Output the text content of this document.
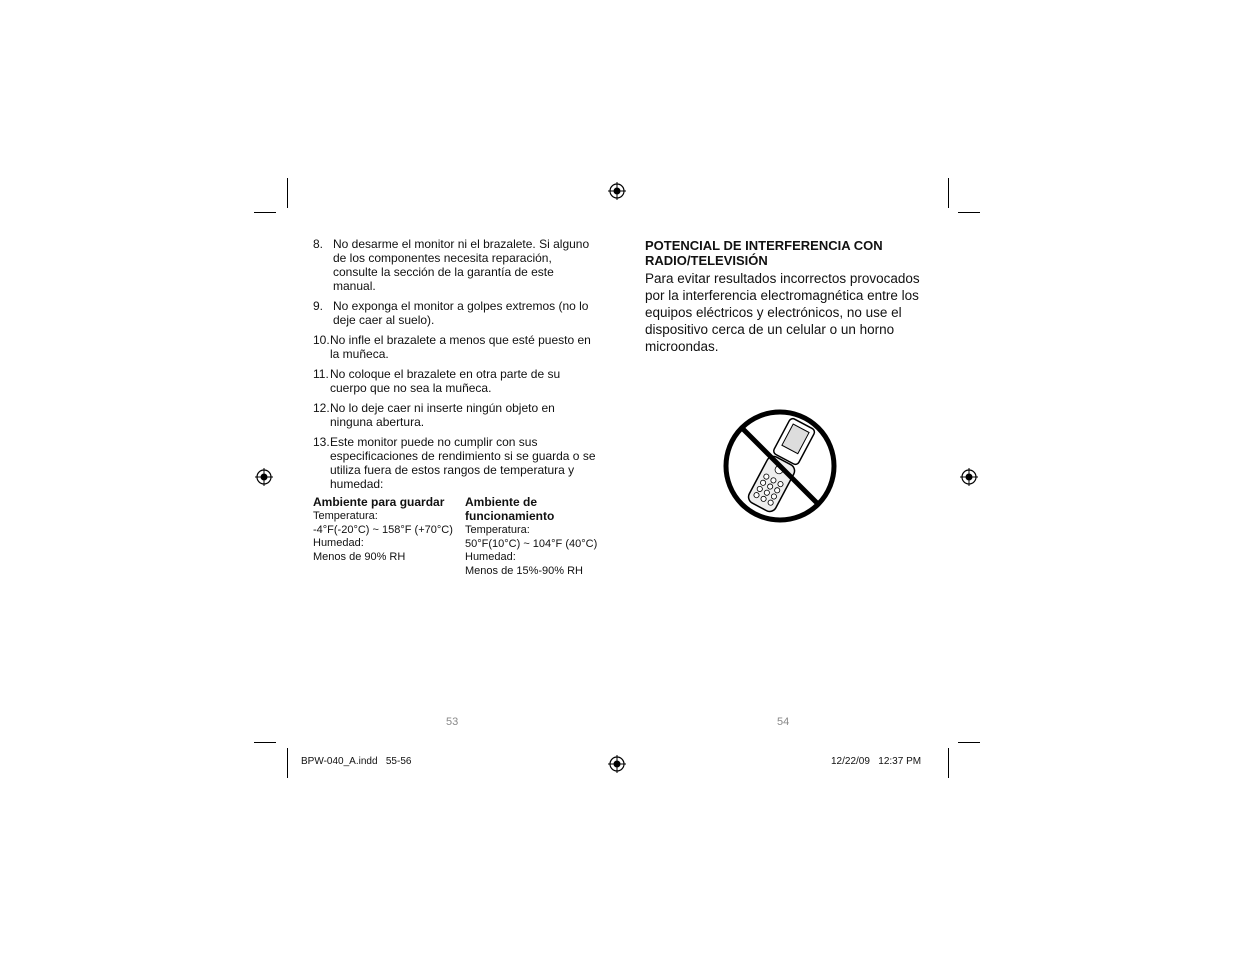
8. No desarme el monitor ni el brazalete. Si alguno de los componentes necesita reparación, consulte la sección de la garantía de este manual.
9. No exponga el monitor a golpes extremos (no lo deje caer al suelo).
10. No infle el brazalete a menos que esté puesto en la muñeca.
11. No coloque el brazalete en otra parte de su cuerpo que no sea la muñeca.
12. No lo deje caer ni inserte ningún objeto en ninguna abertura.
13. Este monitor puede no cumplir con sus especificaciones de rendimiento si se guarda o se utiliza fuera de estos rangos de temperatura y humedad:
Ambiente para guardar
Temperatura:
-4°F(-20°C) ~ 158°F (+70°C)
Humedad:
Menos de 90% RH
Ambiente de funcionamiento
Temperatura:
50°F(10°C) ~ 104°F (40°C)
Humedad:
Menos de 15%-90% RH
POTENCIAL DE INTERFERENCIA CON RADIO/TELEVISIÓN
Para evitar resultados incorrectos provocados por la interferencia electromagnética entre los equipos eléctricos y electrónicos, no use el dispositivo cerca de un celular o un horno microondas.
53	54
BPW-040_A.indd   55-56	12/22/09   12:37 PM
